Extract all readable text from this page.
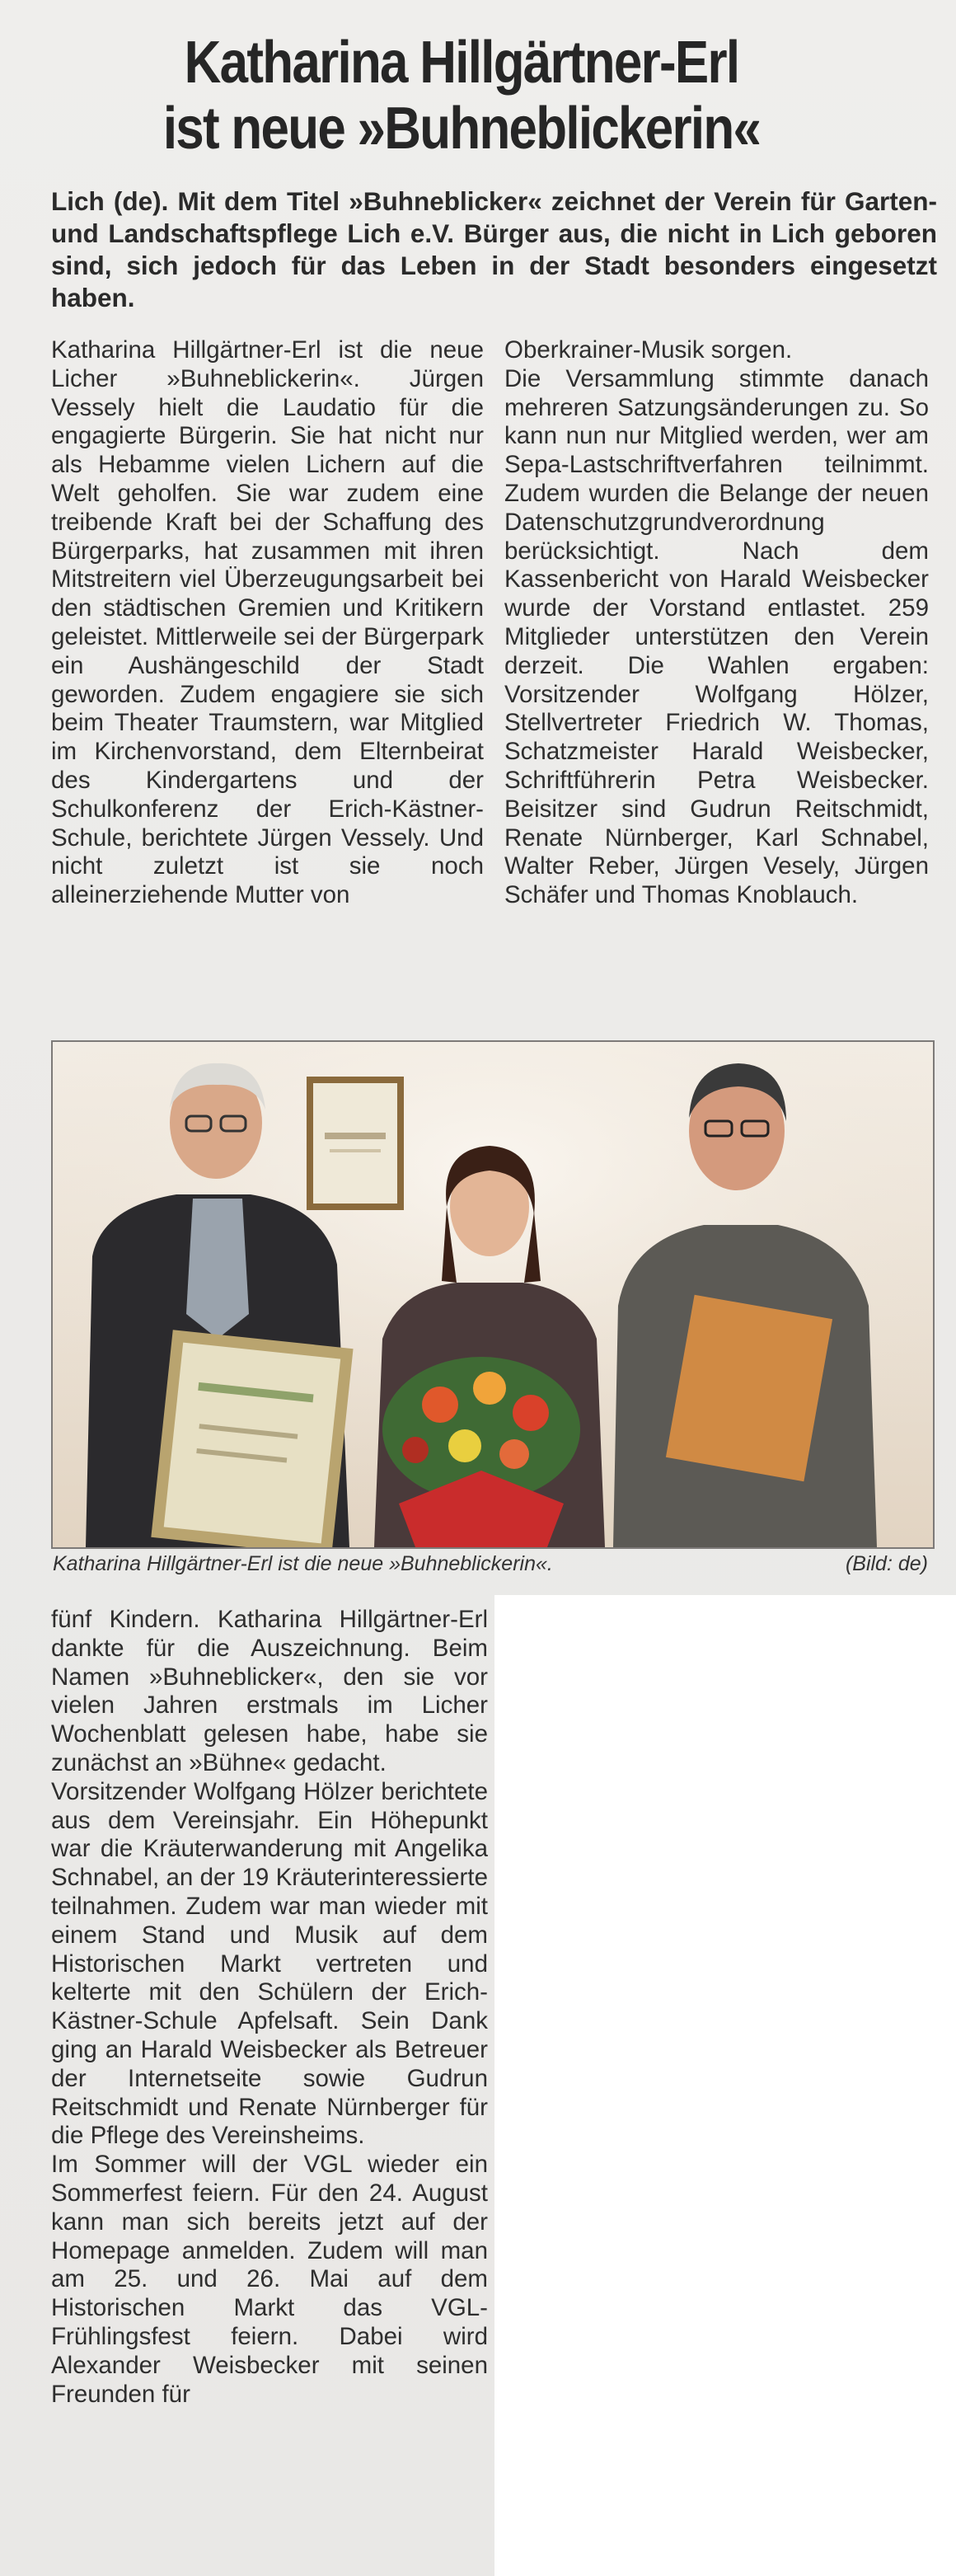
Katharina Hillgärtner-Erl
ist neue »Buhneblickerin«
Lich (de). Mit dem Titel »Buhneblicker« zeichnet der Verein für Garten- und Landschaftspflege Lich e.V. Bürger aus, die nicht in Lich geboren sind, sich jedoch für das Leben in der Stadt besonders eingesetzt haben.

Katharina Hillgärtner-Erl ist die neue Licher »Buhneblickerin«. Jürgen Vessely hielt die Laudatio für die engagierte Bürgerin. Sie hat nicht nur als Hebamme vielen Lichern auf die Welt geholfen. Sie war zudem eine treibende Kraft bei der Schaffung des Bürgerparks, hat zusammen mit ihren Mitstreitern viel Überzeugungsarbeit bei den städtischen Gremien und Kritikern geleistet. Mittlerweile sei der Bürgerpark ein Aushängeschild der Stadt geworden. Zudem engagiere sie sich beim Theater Traumstern, war Mitglied im Kirchenvorstand, dem Elternbeirat des Kindergartens und der Schulkonferenz der Erich-Kästner-Schule, berichtete Jürgen Vessely. Und nicht zuletzt ist sie noch alleinerziehende Mutter von

Oberkrainer-Musik sorgen.

Die Versammlung stimmte danach mehreren Satzungsänderungen zu. So kann nun nur Mitglied werden, wer am Sepa-Lastschriftverfahren teilnimmt. Zudem wurden die Belange der neuen Datenschutzgrundverordnung berücksichtigt. Nach dem Kassenbericht von Harald Weisbecker wurde der Vorstand entlastet. 259 Mitglieder unterstützen den Verein derzeit. Die Wahlen ergaben: Vorsitzender Wolfgang Hölzer, Stellvertreter Friedrich W. Thomas, Schatzmeister Harald Weisbecker, Schriftführerin Petra Weisbecker. Beisitzer sind Gudrun Reitschmidt, Renate Nürnberger, Karl Schnabel, Walter Reber, Jürgen Vesely, Jürgen Schäfer und Thomas Knoblauch.

Katharina Hillgärtner-Erl ist die neue »Buhneblickerin«.	(Bild: de)

fünf Kindern. Katharina Hillgärtner-Erl dankte für die Auszeichnung. Beim Namen »Buhneblicker«, den sie vor vielen Jahren erstmals im Licher Wochenblatt gelesen habe, habe sie zunächst an »Bühne« gedacht.

Vorsitzender Wolfgang Hölzer berichtete aus dem Vereinsjahr. Ein Höhepunkt war die Kräuterwanderung mit Angelika Schnabel, an der 19 Kräuterinteressierte teilnahmen. Zudem war man wieder mit einem Stand und Musik auf dem Historischen Markt vertreten und kelterte mit den Schülern der Erich-Kästner-Schule Apfelsaft. Sein Dank ging an Harald Weisbecker als Betreuer der Internetseite sowie Gudrun Reitschmidt und Renate Nürnberger für die Pflege des Vereinsheims.

Im Sommer will der VGL wieder ein Sommerfest feiern. Für den 24. August kann man sich bereits jetzt auf der Homepage anmelden. Zudem will man am 25. und 26. Mai auf dem Historischen Markt das VGL-Frühlingsfest feiern. Dabei wird Alexander Weisbecker mit seinen Freunden für
